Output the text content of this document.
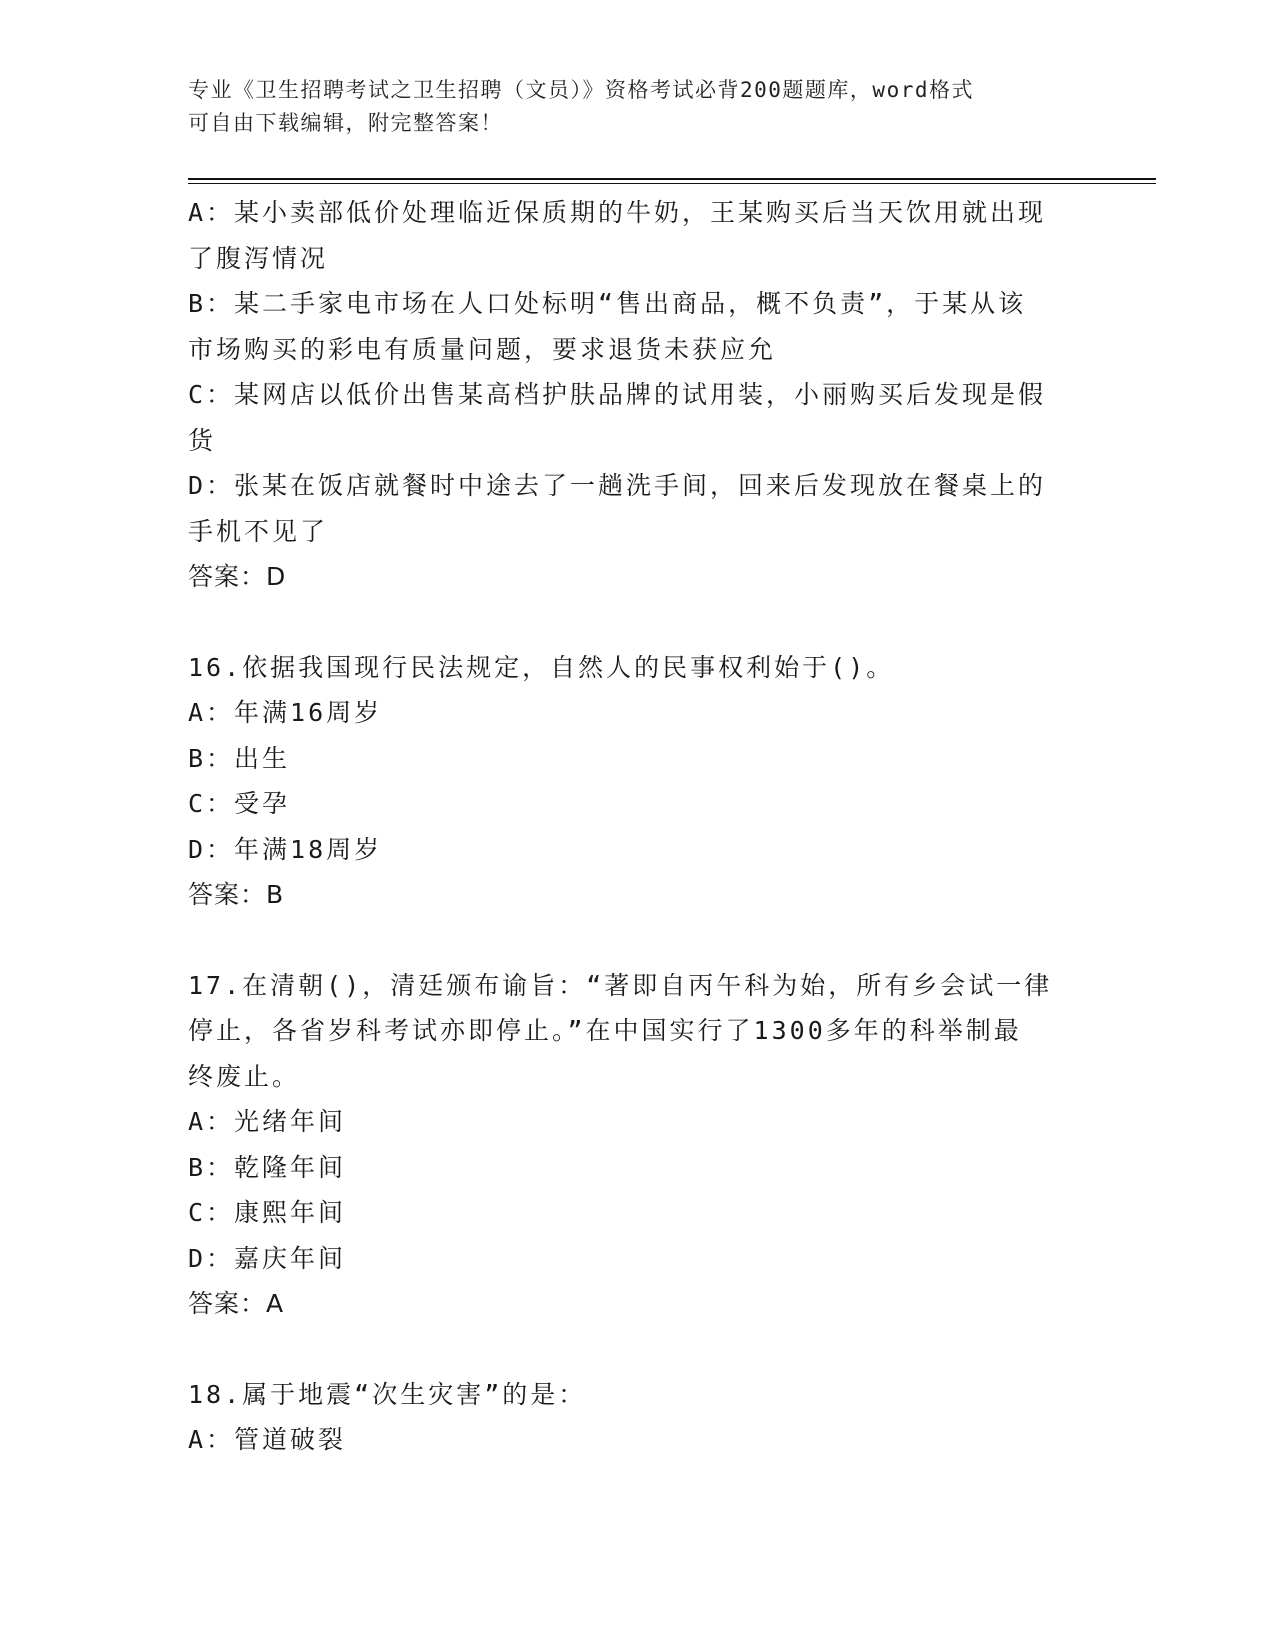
专业《卫生招聘考试之卫生招聘（文员）》资格考试必背200题题库，word格式
可自由下载编辑，附完整答案！
A：某小卖部低价处理临近保质期的牛奶，王某购买后当天饮用就出现
了腹泻情况
B：某二手家电市场在人口处标明“售出商品，概不负责”，于某从该
市场购买的彩电有质量问题，要求退货未获应允
C：某网店以低价出售某高档护肤品牌的试用装，小丽购买后发现是假
货
D：张某在饭店就餐时中途去了一趟洗手间，回来后发现放在餐桌上的
手机不见了
答案：D
16.依据我国现行民法规定，自然人的民事权利始于()。
A：年满16周岁
B：出生
C：受孕
D：年满18周岁
答案：B
17.在清朝()，清廷颁布谕旨：“著即自丙午科为始，所有乡会试一律
停止，各省岁科考试亦即停止。”在中国实行了1300多年的科举制最
终废止。
A：光绪年间
B：乾隆年间
C：康熙年间
D：嘉庆年间
答案：A
18.属于地震“次生灾害”的是：
A：管道破裂
